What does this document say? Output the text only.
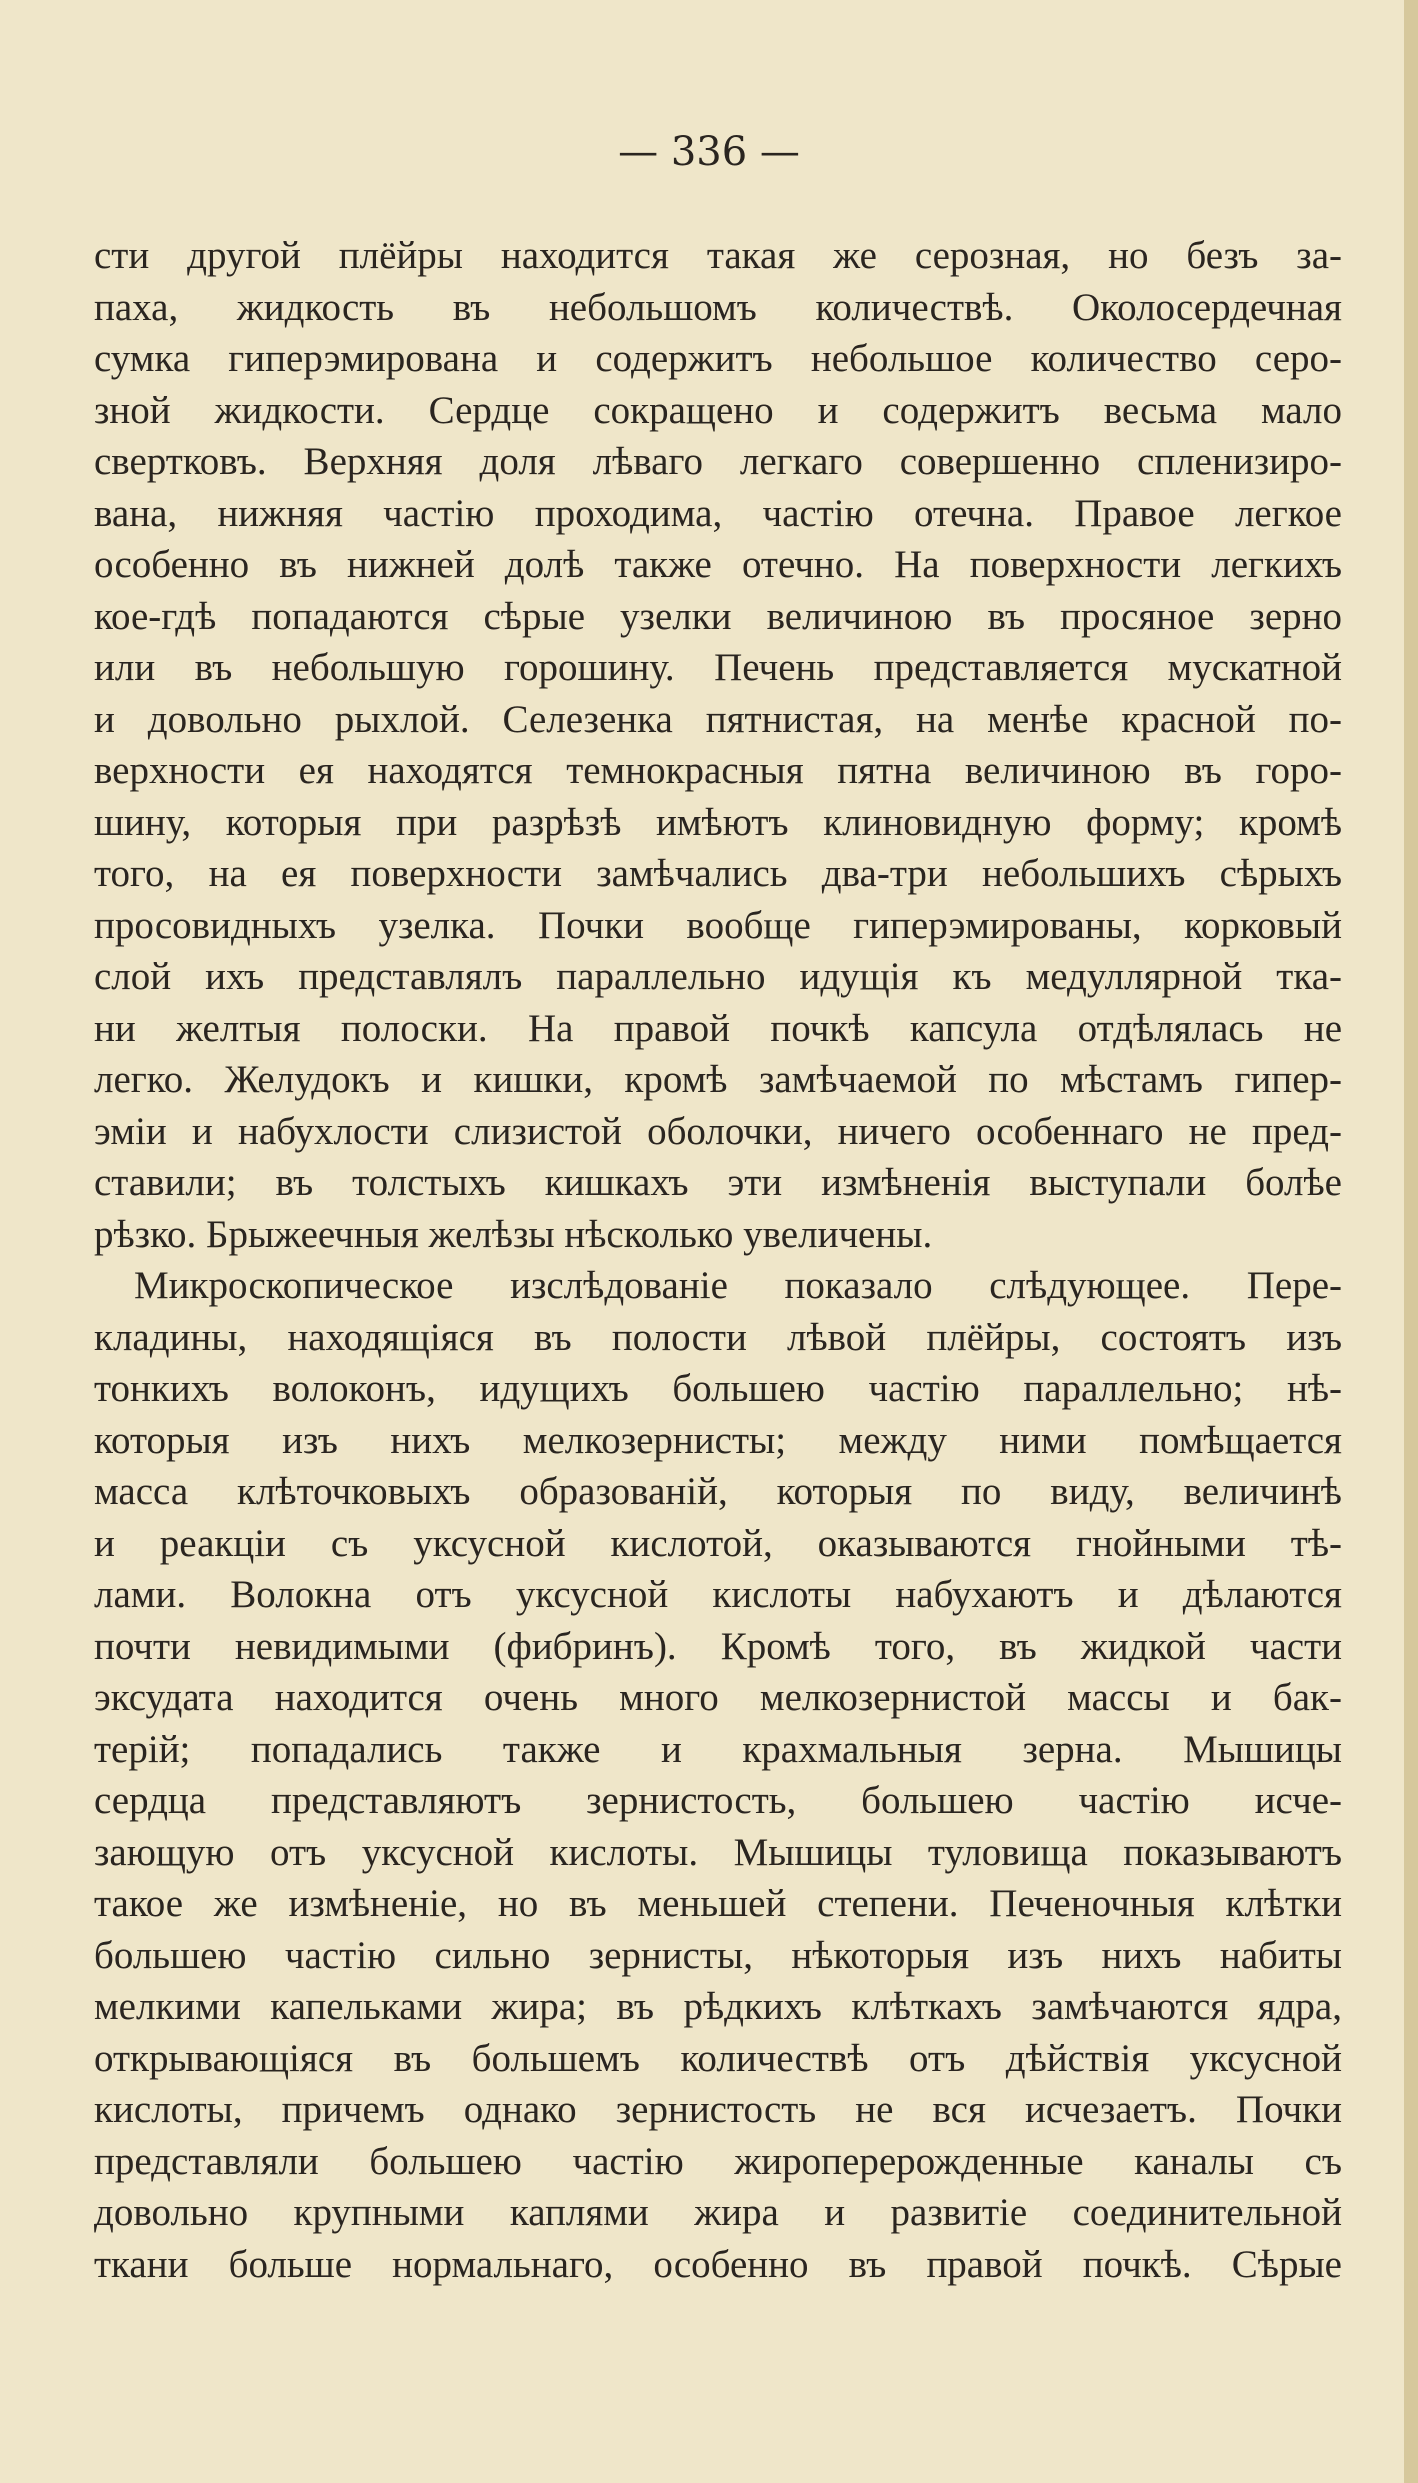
— 336 —
сти другой плёйры находится такая же серозная, но безъ за-
паха, жидкость въ небольшомъ количествѣ. Околосердечная
сумка гиперэмирована и содержитъ небольшое количество серо-
зной жидкости. Сердце сокращено и содержитъ весьма мало
свертковъ. Верхняя доля лѣваго легкаго совершенно спленизиро-
вана, нижняя частію проходима, частію отечна. Правое легкое
особенно въ нижней долѣ также отечно. На поверхности легкихъ
кое-гдѣ попадаются сѣрые узелки величиною въ просяное зерно
или въ небольшую горошину. Печень представляется мускатной
и довольно рыхлой. Селезенка пятнистая, на менѣе красной по-
верхности ея находятся темнокрасныя пятна величиною въ горо-
шину, которыя при разрѣзѣ имѣютъ клиновидную форму; кромѣ
того, на ея поверхности замѣчались два-три небольшихъ сѣрыхъ
просовидныхъ узелка. Почки вообще гиперэмированы, корковый
слой ихъ представлялъ параллельно идущія къ медуллярной тка-
ни желтыя полоски. На правой почкѣ капсула отдѣлялась не
легко. Желудокъ и кишки, кромѣ замѣчаемой по мѣстамъ гипер-
эміи и набухлости слизистой оболочки, ничего особеннаго не пред-
ставили; въ толстыхъ кишкахъ эти измѣненія выступали болѣе
рѣзко. Брыжеечныя желѣзы нѣсколько увеличены.
Микроскопическое изслѣдованіе показало слѣдующее. Пере-
кладины, находящіяся въ полости лѣвой плёйры, состоятъ изъ
тонкихъ волоконъ, идущихъ большею частію параллельно; нѣ-
которыя изъ нихъ мелкозернисты; между ними помѣщается
масса клѣточковыхъ образованій, которыя по виду, величинѣ
и реакціи съ уксусной кислотой, оказываются гнойными тѣ-
лами. Волокна отъ уксусной кислоты набухаютъ и дѣлаются
почти невидимыми (фибринъ). Кромѣ того, въ жидкой части
эксудата находится очень много мелкозернистой массы и бак-
терій; попадались также и крахмальныя зерна. Мышицы
сердца представляютъ зернистость, большею частію исче-
зающую отъ уксусной кислоты. Мышицы туловища показываютъ
такое же измѣненіе, но въ меньшей степени. Печеночныя клѣтки
большею частію сильно зернисты, нѣкоторыя изъ нихъ набиты
мелкими капельками жира; въ рѣдкихъ клѣткахъ замѣчаются ядра,
открывающіяся въ большемъ количествѣ отъ дѣйствія уксусной
кислоты, причемъ однако зернистость не вся исчезаетъ. Почки
представляли большею частію жироперерожденные каналы съ
довольно крупными каплями жира и развитіе соединительной
ткани больше нормальнаго, особенно въ правой почкѣ. Сѣрые
